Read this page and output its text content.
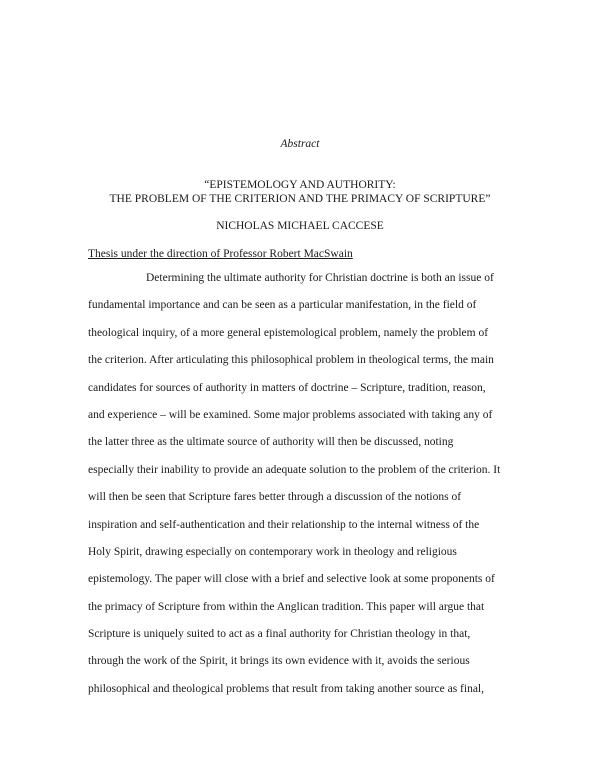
Abstract
“EPISTEMOLOGY AND AUTHORITY:
THE PROBLEM OF THE CRITERION AND THE PRIMACY OF SCRIPTURE”
NICHOLAS MICHAEL CACCESE
Thesis under the direction of Professor Robert MacSwain
Determining the ultimate authority for Christian doctrine is both an issue of
fundamental importance and can be seen as a particular manifestation, in the field of
theological inquiry, of a more general epistemological problem, namely the problem of
the criterion. After articulating this philosophical problem in theological terms, the main
candidates for sources of authority in matters of doctrine – Scripture, tradition, reason,
and experience – will be examined. Some major problems associated with taking any of
the latter three as the ultimate source of authority will then be discussed, noting
especially their inability to provide an adequate solution to the problem of the criterion. It
will then be seen that Scripture fares better through a discussion of the notions of
inspiration and self-authentication and their relationship to the internal witness of the
Holy Spirit, drawing especially on contemporary work in theology and religious
epistemology. The paper will close with a brief and selective look at some proponents of
the primacy of Scripture from within the Anglican tradition. This paper will argue that
Scripture is uniquely suited to act as a final authority for Christian theology in that,
through the work of the Spirit, it brings its own evidence with it, avoids the serious
philosophical and theological problems that result from taking another source as final,
